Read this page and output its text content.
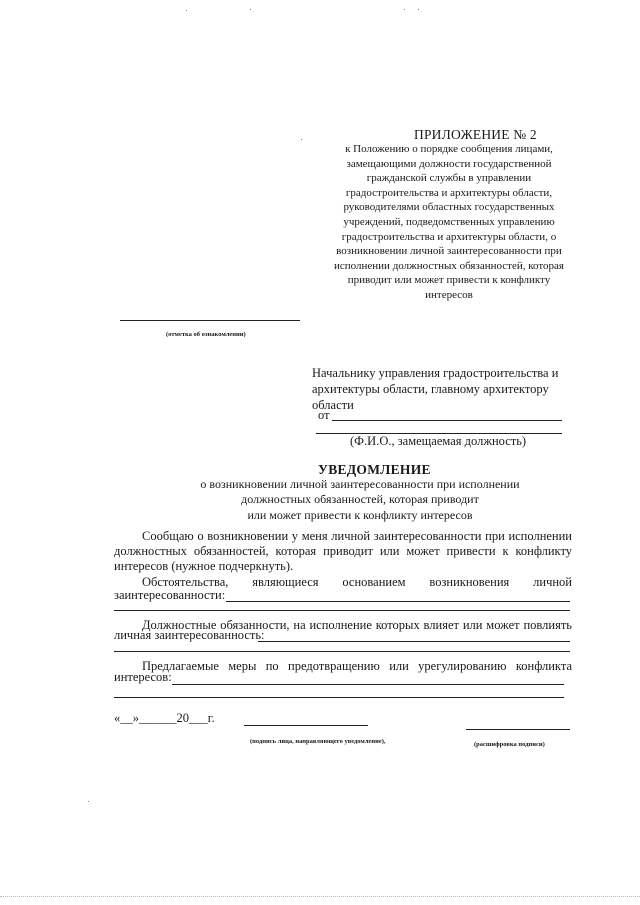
ПРИЛОЖЕНИЕ № 2
к Положению о порядке сообщения лицами,
замещающими должности государственной
гражданской службы в управлении
градостроительства и архитектуры области,
руководителями областных государственных
учреждений, подведомственных управлению
градостроительства и архитектуры области, о
возникновении личной заинтересованности при
исполнении должностных обязанностей, которая
приводит или может привести к конфликту
интересов
(отметка об ознакомлении)
Начальнику управления градостроительства и
архитектуры области, главному архитектору
области
от
(Ф.И.О., замещаемая должность)
УВЕДОМЛЕНИЕ
о возникновении личной заинтересованности при исполнении
должностных обязанностей, которая приводит
или может привести к конфликту интересов
Сообщаю о возникновении у меня личной заинтересованности при исполнении
должностных обязанностей, которая приводит или может привести к конфликту
интересов (нужное подчеркнуть).
Обстоятельства, являющиеся основанием возникновения личной
заинтересованности:
Должностные обязанности, на исполнение которых влияет или может повлиять
личная заинтересованность:
Предлагаемые меры по предотвращению или урегулированию конфликта
интересов:
«__»______20___г.
(подпись лица, направляющего уведомление),	(расшифровка подписи)
